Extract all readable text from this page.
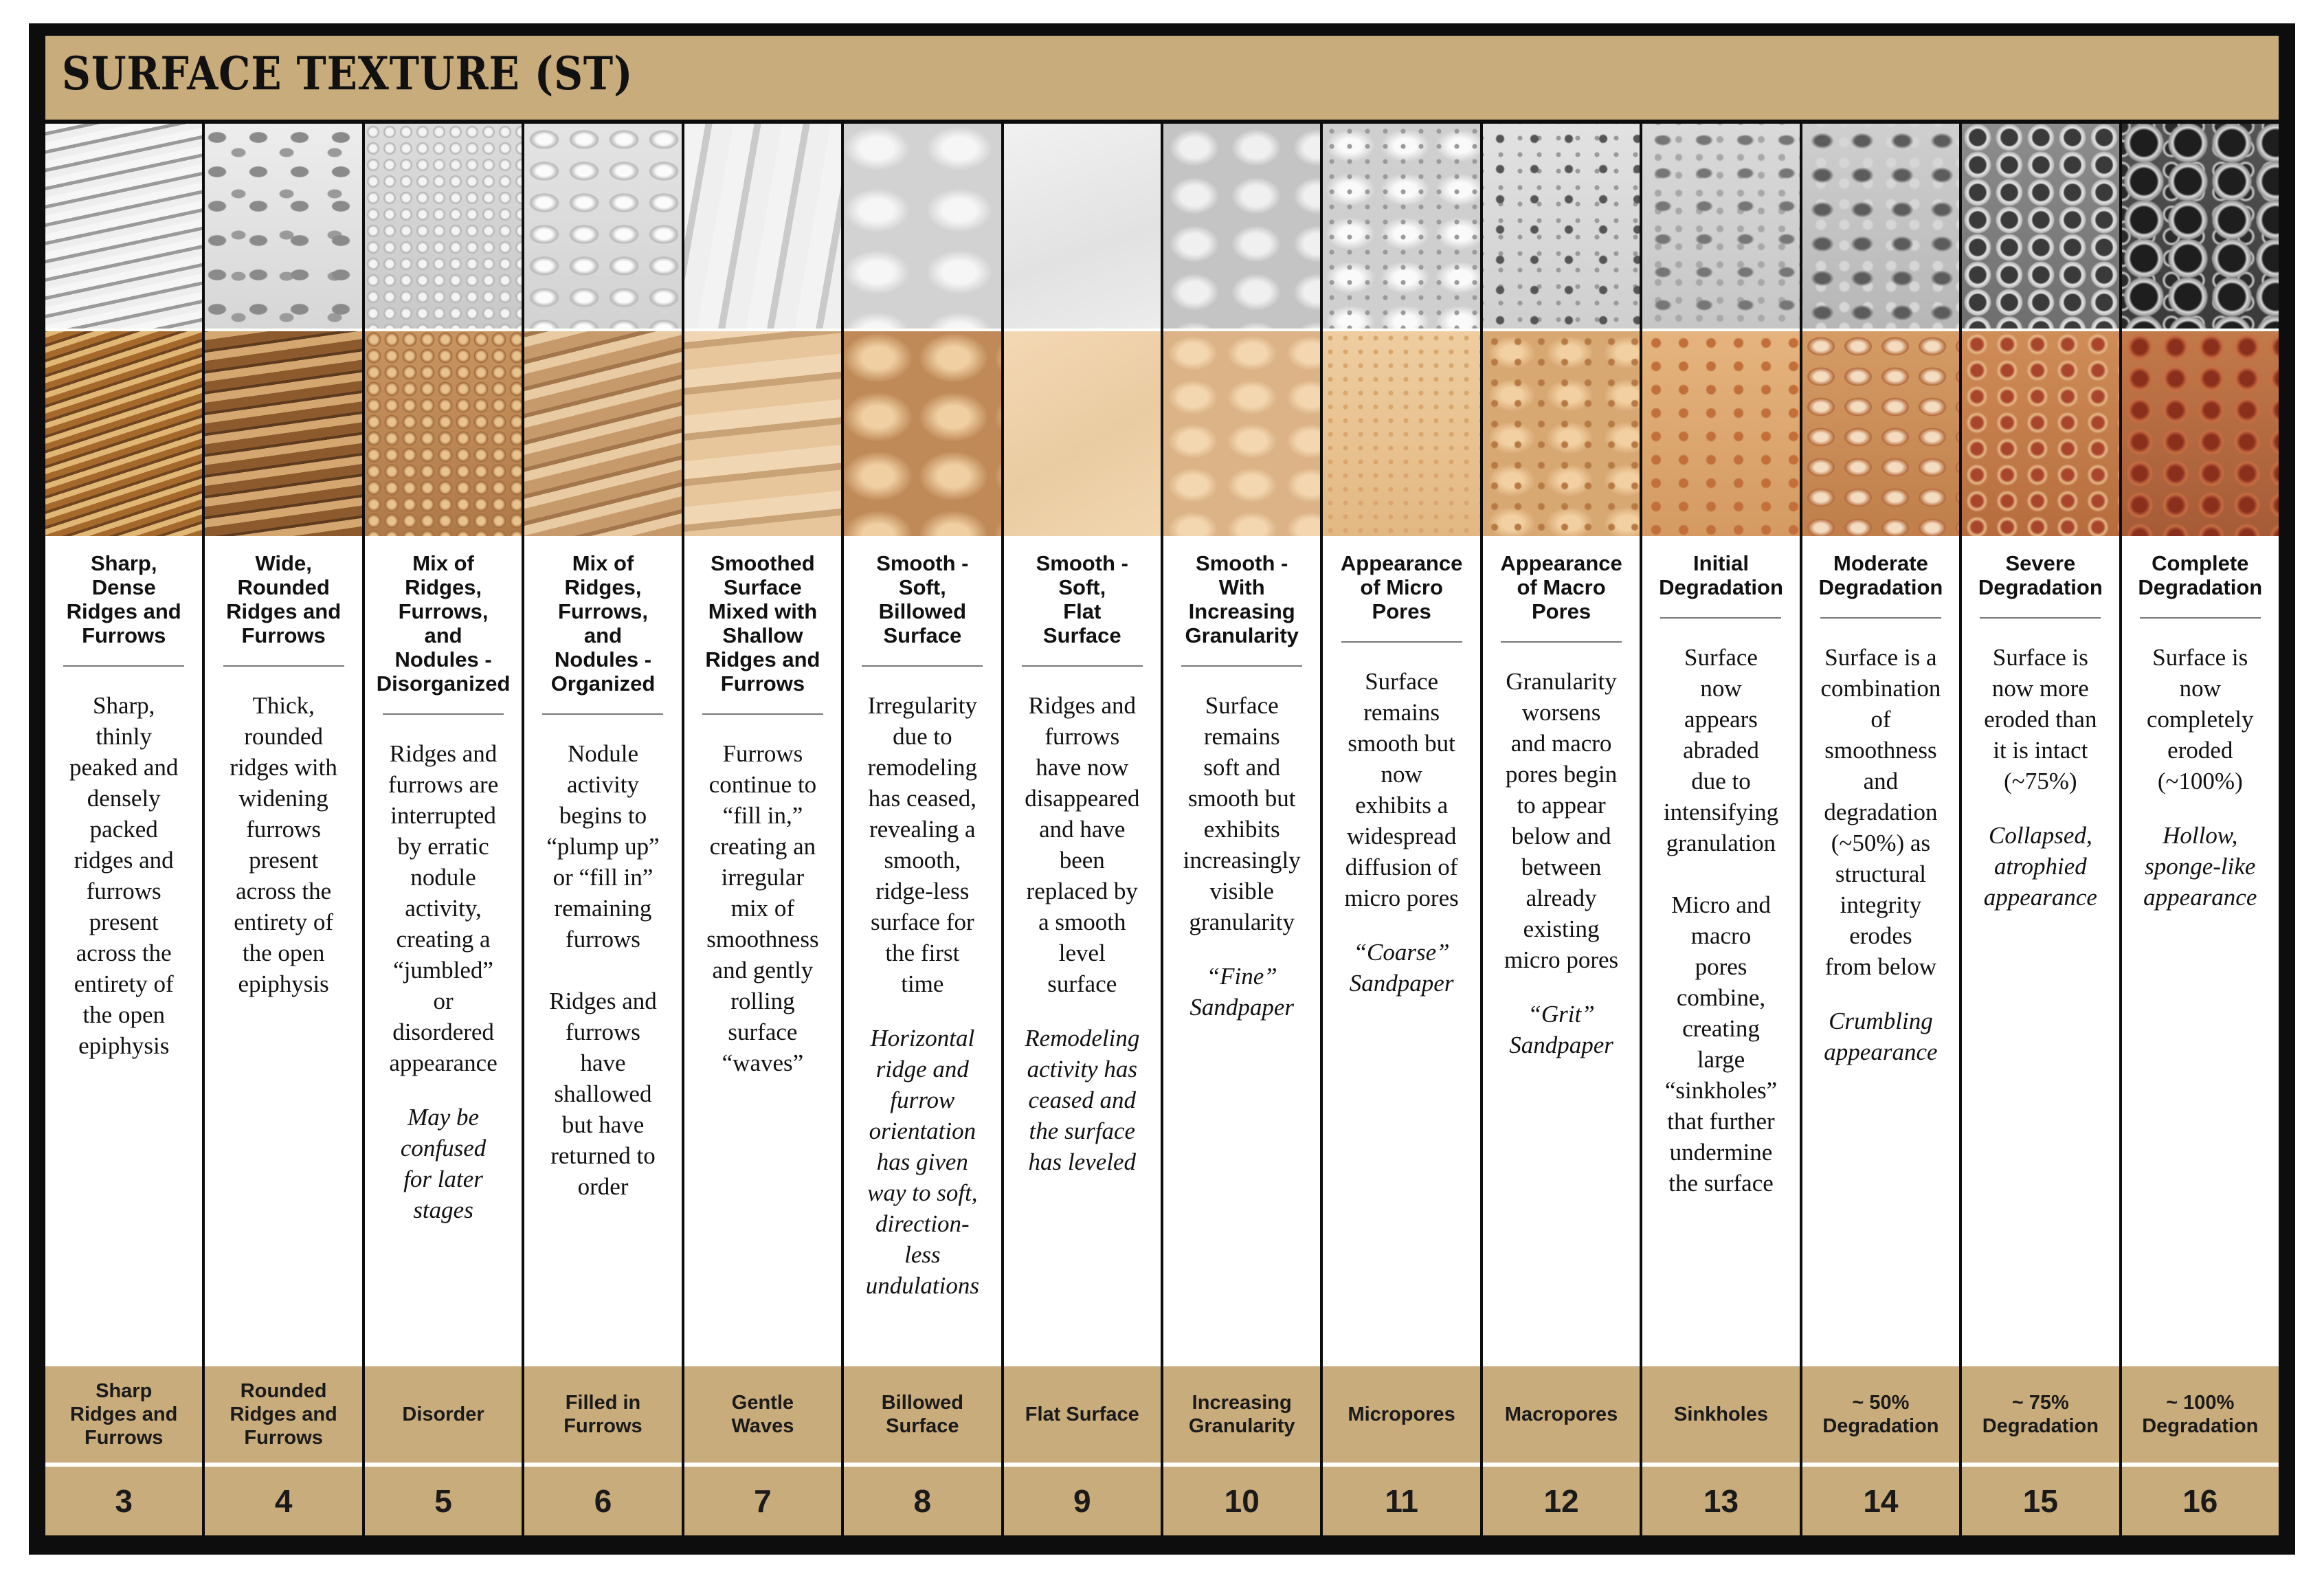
SURFACE TEXTURE (ST)
Sharp,
Dense
Ridges and
Furrows
Sharp,
thinly
peaked and
densely
packed
ridges and
furrows
present
across the
entirety of
the open
epiphysis
Sharp
Ridges and
Furrows
3
Wide,
Rounded
Ridges and
Furrows
Thick,
rounded
ridges with
widening
furrows
present
across the
entirety of
the open
epiphysis
Rounded
Ridges and
Furrows
4
Mix of
Ridges,
Furrows,
and
Nodules -
Disorganized
Ridges and
furrows are
interrupted
by erratic
nodule
activity,
creating a
“jumbled”
or
disordered
appearance
May be
confused
for later
stages
Disorder
5
Mix of
Ridges,
Furrows,
and
Nodules -
Organized
Nodule
activity
begins to
“plump up”
or “fill in”
remaining
furrows

Ridges and
furrows
have
shallowed
but have
returned to
order
Filled in
Furrows
6
Smoothed
Surface
Mixed with
Shallow
Ridges and
Furrows
Furrows
continue to
“fill in,”
creating an
irregular
mix of
smoothness
and gently
rolling
surface
“waves”
Gentle
Waves
7
Smooth -
Soft,
Billowed
Surface
Irregularity
due to
remodeling
has ceased,
revealing a
smooth,
ridge-less
surface for
the first
time
Horizontal
ridge and
furrow
orientation
has given
way to soft,
direction-
less
undulations
Billowed
Surface
8
Smooth -
Soft,
Flat
Surface
Ridges and
furrows
have now
disappeared
and have
been
replaced by
a smooth
level
surface
Remodeling
activity has
ceased and
the surface
has leveled
Flat Surface
9
Smooth -
With
Increasing
Granularity
Surface
remains
soft and
smooth but
exhibits
increasingly
visible
granularity
“Fine”
Sandpaper
Increasing
Granularity
10
Appearance
of Micro
Pores
Surface
remains
smooth but
now
exhibits a
widespread
diffusion of
micro pores
“Coarse”
Sandpaper
Micropores
11
Appearance
of Macro
Pores
Granularity
worsens
and macro
pores begin
to appear
below and
between
already
existing
micro pores
“Grit”
Sandpaper
Macropores
12
Initial
Degradation
Surface
now
appears
abraded
due to
intensifying
granulation

Micro and
macro
pores
combine,
creating
large
“sinkholes”
that further
undermine
the surface
Sinkholes
13
Moderate
Degradation
Surface is a
combination
of
smoothness
and
degradation
(~50%) as
structural
integrity
erodes
from below
Crumbling
appearance
~ 50%
Degradation
14
Severe
Degradation
Surface is
now more
eroded than
it is intact
(~75%)
Collapsed,
atrophied
appearance
~ 75%
Degradation
15
Complete
Degradation
Surface is
now
completely
eroded
(~100%)
Hollow,
sponge-like
appearance
~ 100%
Degradation
16
